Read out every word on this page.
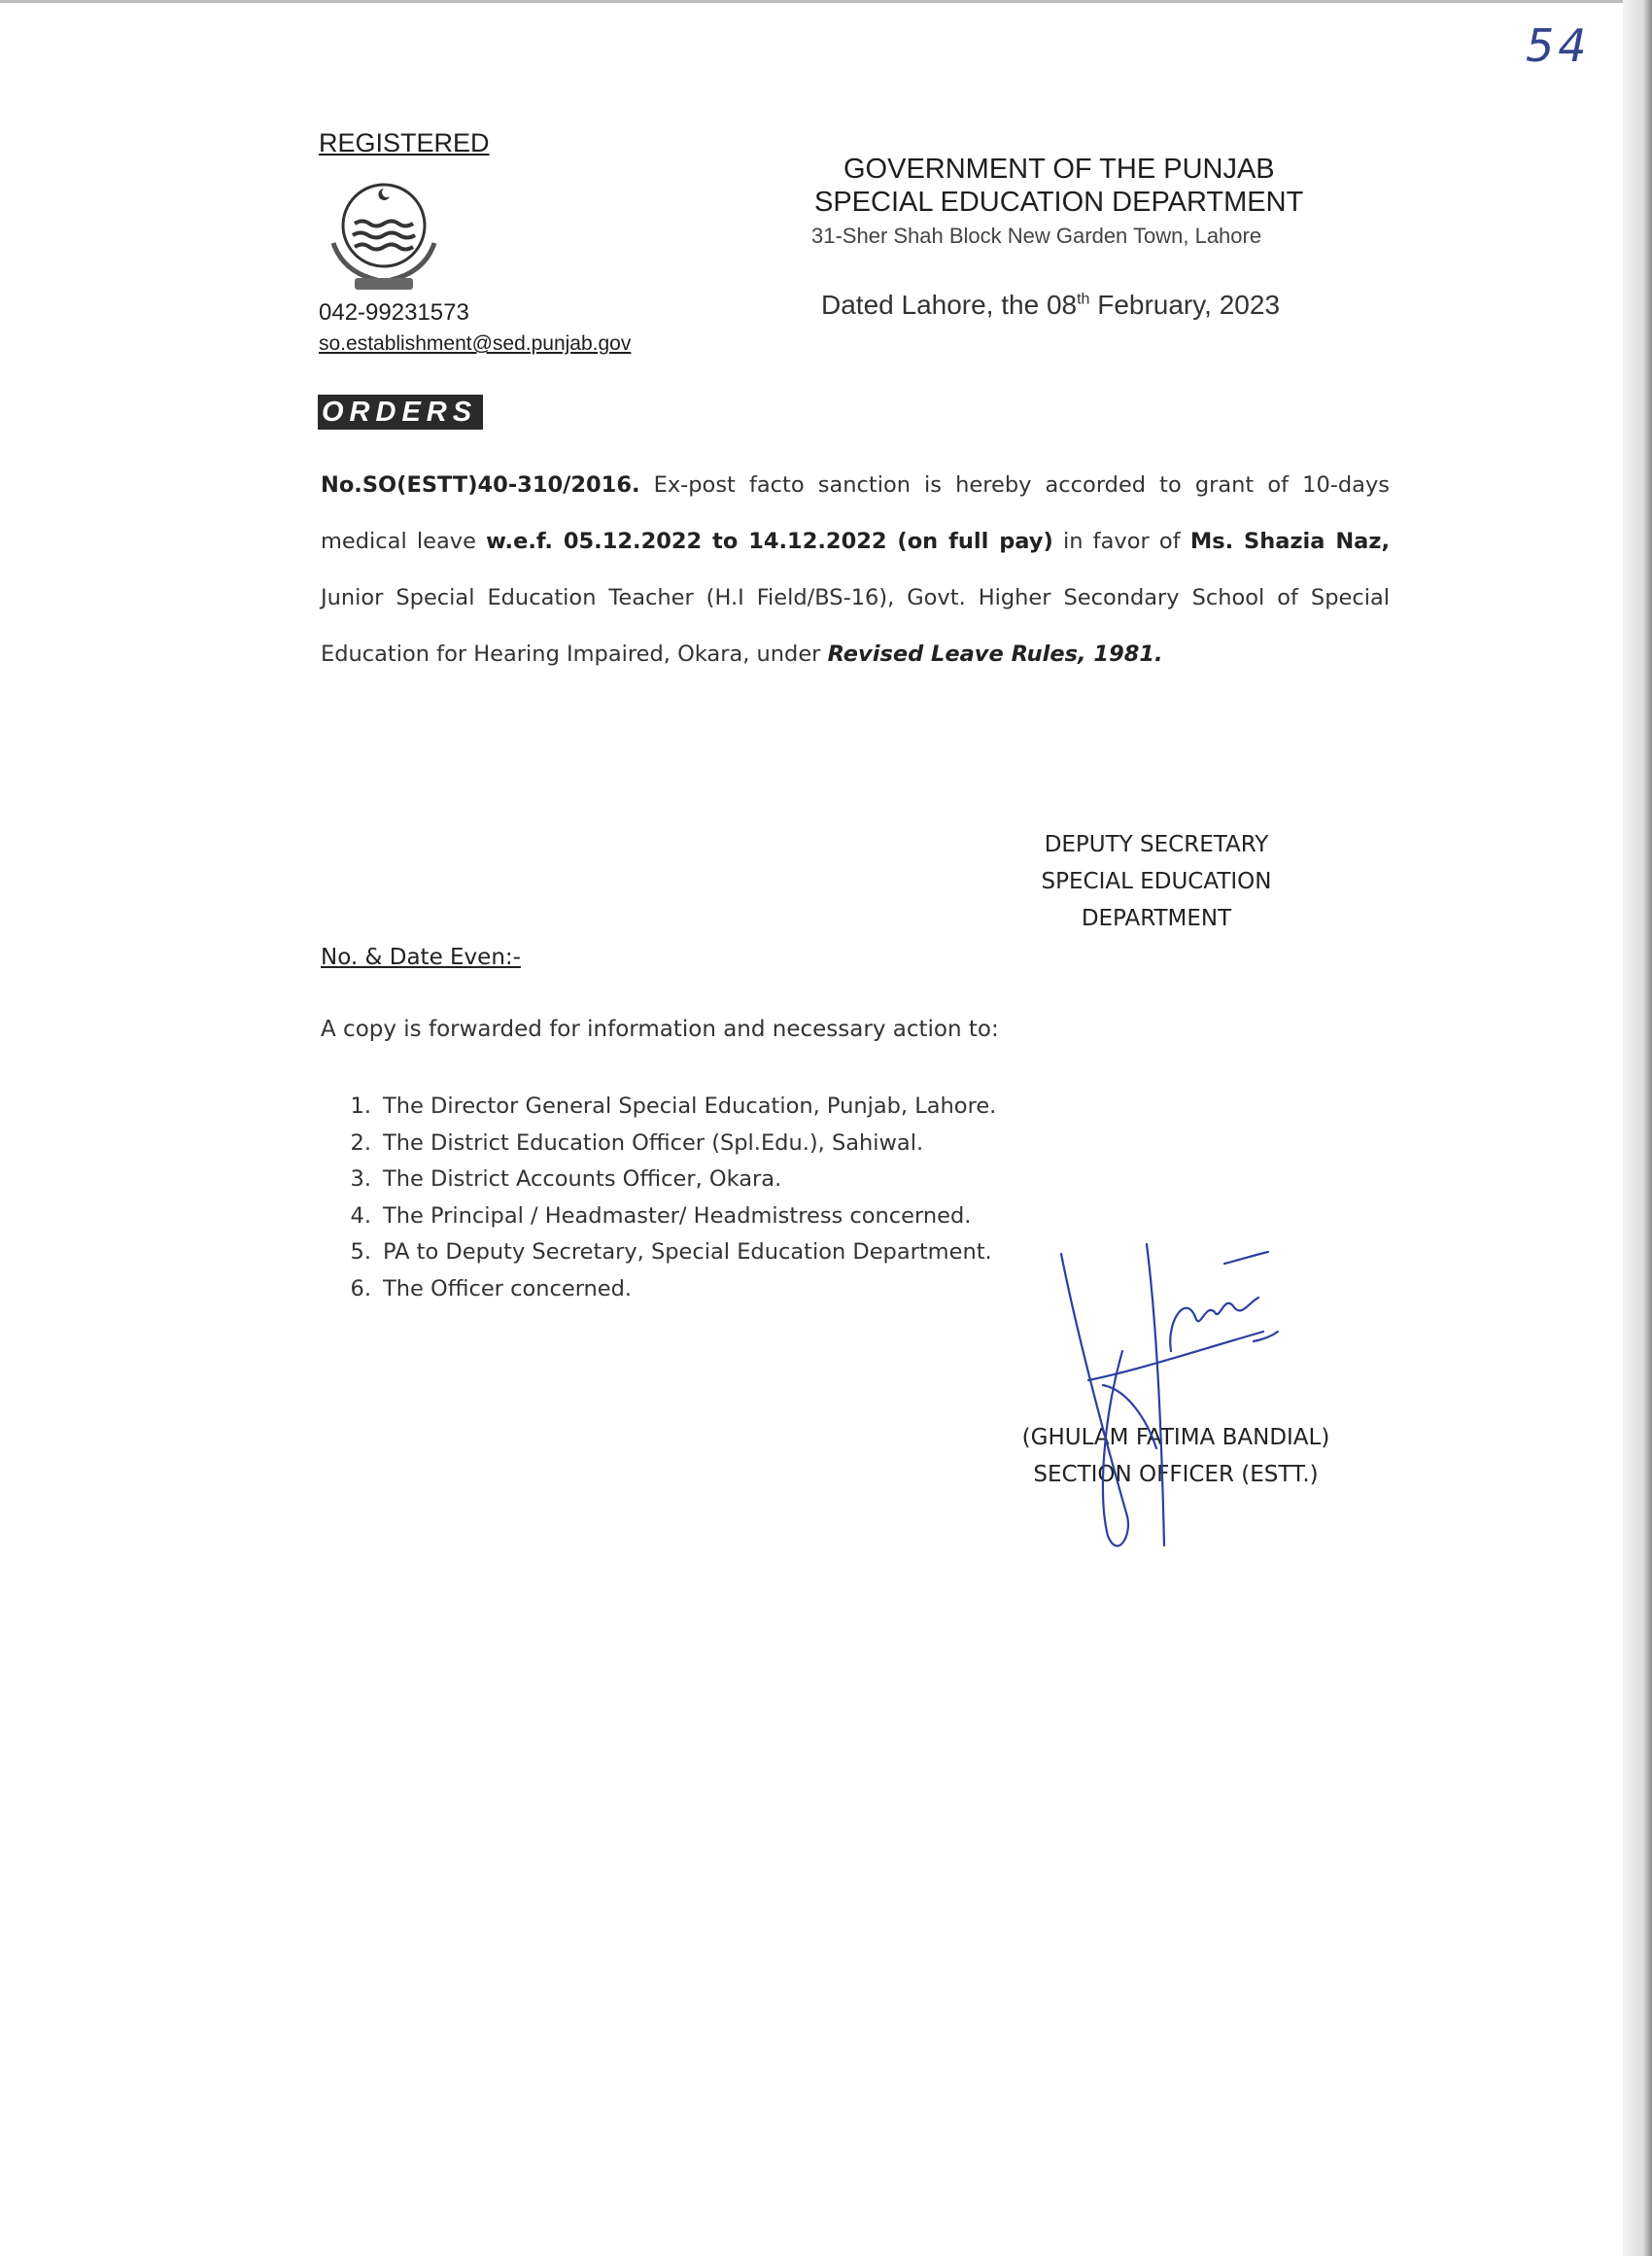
54
REGISTERED
042-99231573
so.establishment@sed.punjab.gov
GOVERNMENT OF THE PUNJAB
SPECIAL EDUCATION DEPARTMENT
31-Sher Shah Block New Garden Town, Lahore
Dated Lahore, the 08th February, 2023
ORDERS
No.SO(ESTT)40-310/2016. Ex-post facto sanction is hereby accorded to grant of 10-days medical leave w.e.f. 05.12.2022 to 14.12.2022 (on full pay) in favor of Ms. Shazia Naz, Junior Special Education Teacher (H.I Field/BS-16), Govt. Higher Secondary School of Special Education for Hearing Impaired, Okara, under Revised Leave Rules, 1981.
DEPUTY SECRETARY
SPECIAL EDUCATION
DEPARTMENT
No. & Date Even:-
A copy is forwarded for information and necessary action to:
1. The Director General Special Education, Punjab, Lahore.
2. The District Education Officer (Spl.Edu.), Sahiwal.
3. The District Accounts Officer, Okara.
4. The Principal / Headmaster/ Headmistress concerned.
5. PA to Deputy Secretary, Special Education Department.
6. The Officer concerned.
(GHULAM FATIMA BANDIAL)
SECTION OFFICER (ESTT.)
